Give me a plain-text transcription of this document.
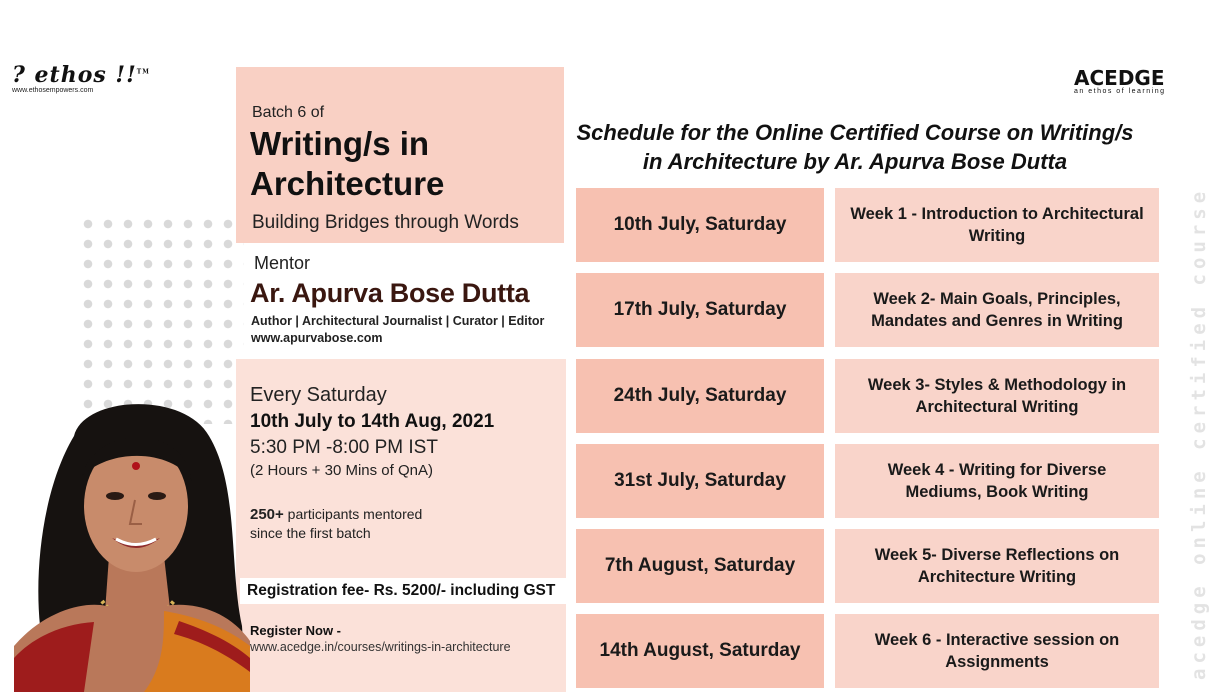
? ethos !!™
www.ethosempowers.com
ACEDGE
an ethos of learning
Batch 6 of
Writing/s in Architecture
Building Bridges through Words
Mentor
Ar. Apurva Bose Dutta
Author | Architectural Journalist | Curator | Editor
www.apurvabose.com
Every Saturday
10th July to 14th Aug, 2021
5:30 PM -8:00 PM IST
(2 Hours + 30 Mins of QnA)
250+ participants mentored
since the first batch
Registration fee- Rs. 5200/- including GST
Register Now -
www.acedge.in/courses/writings-in-architecture
Schedule for the Online Certified Course on Writing/s in Architecture by Ar. Apurva Bose Dutta
10th July, Saturday	Week 1 - Introduction to Architectural Writing
17th July, Saturday	Week 2- Main Goals, Principles, Mandates and Genres in Writing
24th July, Saturday	Week 3- Styles & Methodology in Architectural Writing
31st July, Saturday	Week 4 - Writing for Diverse Mediums, Book Writing
7th August, Saturday	Week 5- Diverse Reflections on Architecture Writing
14th August, Saturday	Week 6 - Interactive session on Assignments	acedge online certified course
